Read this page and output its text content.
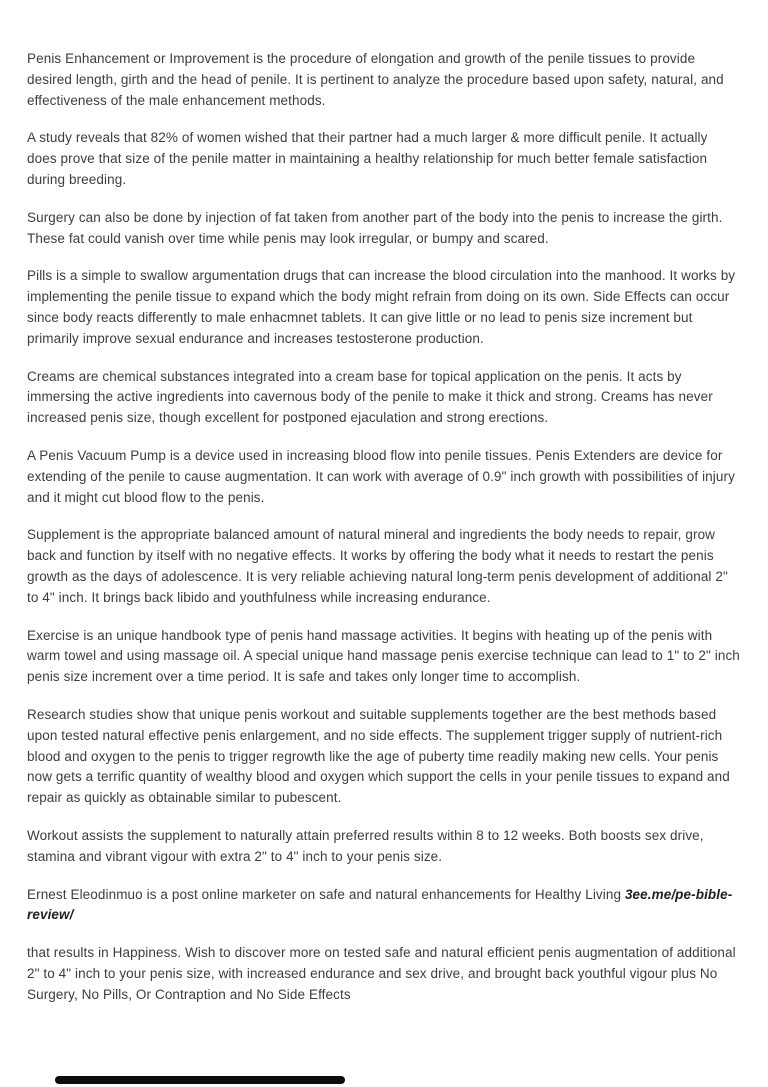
Penis Enhancement or Improvement is the procedure of elongation and growth of the penile tissues to provide desired length, girth and the head of penile. It is pertinent to analyze the procedure based upon safety, natural, and effectiveness of the male enhancement methods.

A study reveals that 82% of women wished that their partner had a much larger & more difficult penile. It actually does prove that size of the penile matter in maintaining a healthy relationship for much better female satisfaction during breeding.

Surgery can also be done by injection of fat taken from another part of the body into the penis to increase the girth. These fat could vanish over time while penis may look irregular, or bumpy and scared.

Pills is a simple to swallow argumentation drugs that can increase the blood circulation into the manhood. It works by implementing the penile tissue to expand which the body might refrain from doing on its own. Side Effects can occur since body reacts differently to male enhacmnet tablets. It can give little or no lead to penis size increment but primarily improve sexual endurance and increases testosterone production.

Creams are chemical substances integrated into a cream base for topical application on the penis. It acts by immersing the active ingredients into cavernous body of the penile to make it thick and strong. Creams has never increased penis size, though excellent for postponed ejaculation and strong erections.

A Penis Vacuum Pump is a device used in increasing blood flow into penile tissues. Penis Extenders are device for extending of the penile to cause augmentation. It can work with average of 0.9" inch growth with possibilities of injury and it might cut blood flow to the penis.

Supplement is the appropriate balanced amount of natural mineral and ingredients the body needs to repair, grow back and function by itself with no negative effects. It works by offering the body what it needs to restart the penis growth as the days of adolescence. It is very reliable achieving natural long-term penis development of additional 2" to 4" inch. It brings back libido and youthfulness while increasing endurance.

Exercise is an unique handbook type of penis hand massage activities. It begins with heating up of the penis with warm towel and using massage oil. A special unique hand massage penis exercise technique can lead to 1" to 2" inch penis size increment over a time period. It is safe and takes only longer time to accomplish.

Research studies show that unique penis workout and suitable supplements together are the best methods based upon tested natural effective penis enlargement, and no side effects. The supplement trigger supply of nutrient-rich blood and oxygen to the penis to trigger regrowth like the age of puberty time readily making new cells. Your penis now gets a terrific quantity of wealthy blood and oxygen which support the cells in your penile tissues to expand and repair as quickly as obtainable similar to pubescent.

Workout assists the supplement to naturally attain preferred results within 8 to 12 weeks. Both boosts sex drive, stamina and vibrant vigour with extra 2" to 4" inch to your penis size.

Ernest Eleodinmuo is a post online marketer on safe and natural enhancements for Healthy Living 3ee.me/pe-bible-review/

that results in Happiness. Wish to discover more on tested safe and natural efficient penis augmentation of additional 2" to 4" inch to your penis size, with increased endurance and sex drive, and brought back youthful vigour plus No Surgery, No Pills, Or Contraption and No Side Effects
